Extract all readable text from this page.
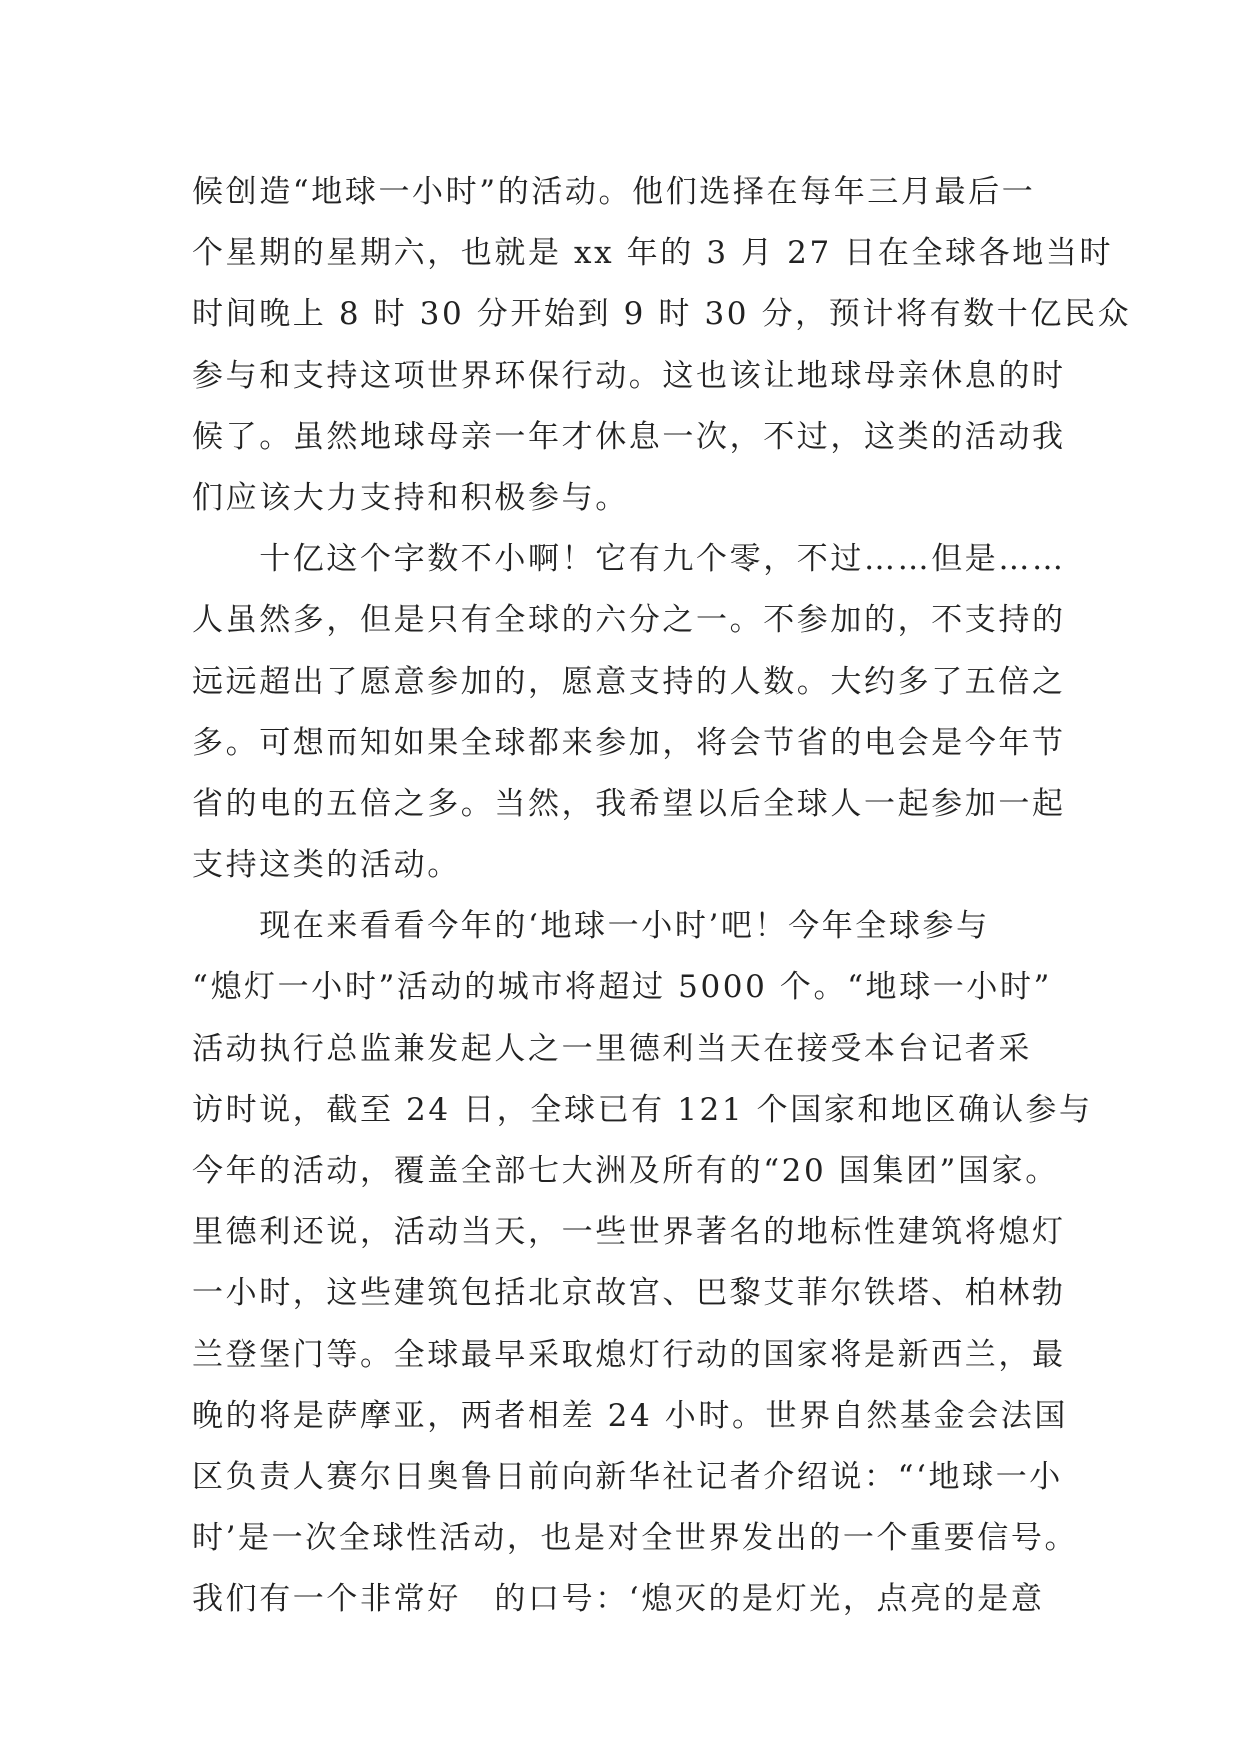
候创造“地球一小时”的活动。他们选择在每年三月最后一
个星期的星期六，也就是 xx 年的 3 月 27 日在全球各地当时
时间晚上 8 时 30 分开始到 9 时 30 分，预计将有数十亿民众
参与和支持这项世界环保行动。这也该让地球母亲休息的时
候了。虽然地球母亲一年才休息一次，不过，这类的活动我
们应该大力支持和积极参与。
　　十亿这个字数不小啊！它有九个零，不过……但是……
人虽然多，但是只有全球的六分之一。不参加的，不支持的
远远超出了愿意参加的，愿意支持的人数。大约多了五倍之
多。可想而知如果全球都来参加，将会节省的电会是今年节
省的电的五倍之多。当然，我希望以后全球人一起参加一起
支持这类的活动。
　　现在来看看今年的‘地球一小时’吧！今年全球参与
“熄灯一小时”活动的城市将超过 5000 个。“地球一小时”
活动执行总监兼发起人之一里德利当天在接受本台记者采
访时说，截至 24 日，全球已有 121 个国家和地区确认参与
今年的活动，覆盖全部七大洲及所有的“20 国集团”国家。
里德利还说，活动当天，一些世界著名的地标性建筑将熄灯
一小时，这些建筑包括北京故宫、巴黎艾菲尔铁塔、柏林勃
兰登堡门等。全球最早采取熄灯行动的国家将是新西兰，最
晚的将是萨摩亚，两者相差 24 小时。世界自然基金会法国
区负责人赛尔日奥鲁日前向新华社记者介绍说：“‘地球一小
时’是一次全球性活动，也是对全世界发出的一个重要信号。
我们有一个非常好　的口号：‘熄灭的是灯光，点亮的是意
